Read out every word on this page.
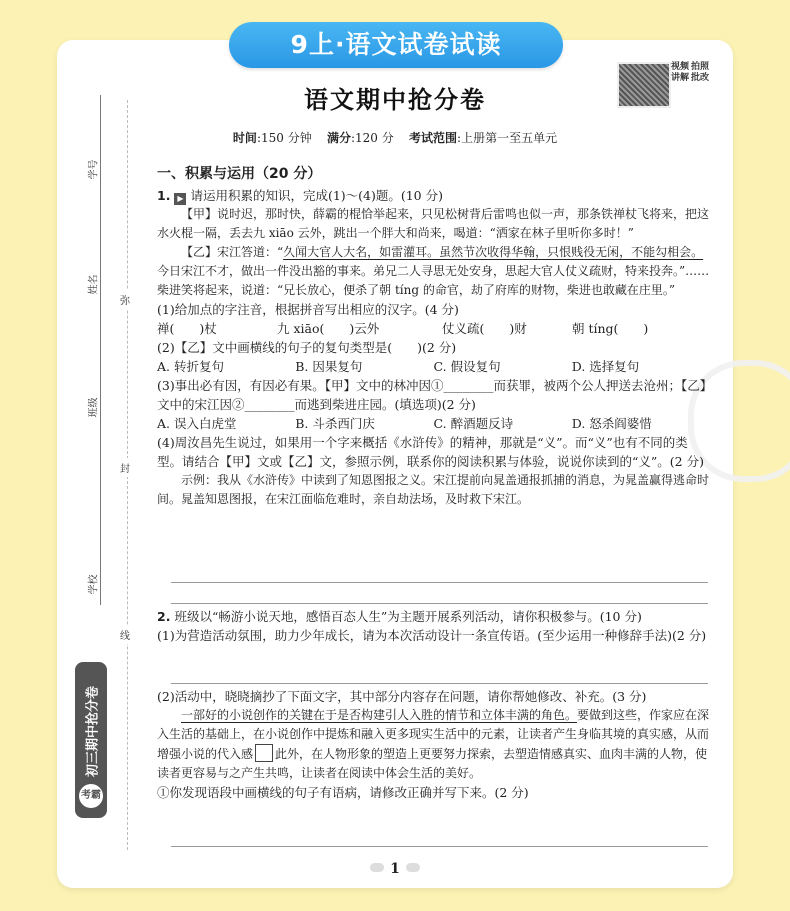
9上·语文试卷试读
语文期中抢分卷
视频讲解
拍照批改
时间:150 分钟 满分:120 分 考试范围:上册第一至五单元
学号
姓名
班级
学校
弥
封
线
初三期中抢分卷
考霸
一、积累与运用（20 分）

1. ▶ 请运用积累的知识，完成(1)～(4)题。(10 分)

【甲】说时迟，那时快，薛霸的棍恰举起来，只见松树背后雷鸣也似一声，那条铁禅杖飞将来，把这水火棍一隔，丢去九 xiāo 云外，跳出一个胖大和尚来，喝道：“洒家在林子里听你多时！”

【乙】宋江答道：“久闻大官人大名，如雷灌耳。虽然节次收得华翰，只恨贱役无闲，不能勾相会。今日宋江不才，做出一件没出豁的事来。弟兄二人寻思无处安身，思起大官人仗义疏财，特来投奔。”……柴进笑将起来，说道：“兄长放心，便杀了朝 tíng 的命官，劫了府库的财物，柴进也敢藏在庄里。”

(1)给加点的字注音，根据拼音写出相应的汉字。(4 分)

禅(　　)杖	九 xiāo(　　)云外	仗义疏(　　)财	朝 tíng(　　)

(2)【乙】文中画横线的句子的复句类型是(　　)(2 分)

A. 转折复句	B. 因果复句	C. 假设复句	D. 选择复句

(3)事出必有因，有因必有果。【甲】文中的林冲因①________而获罪，被两个公人押送去沧州；【乙】文中的宋江因②________而逃到柴进庄园。(填选项)(2 分)

A. 误入白虎堂	B. 斗杀西门庆	C. 醉酒题反诗	D. 怒杀阎婆惜

(4)周汝昌先生说过，如果用一个字来概括《水浒传》的精神，那就是“义”。而“义”也有不同的类型。请结合【甲】文或【乙】文，参照示例，联系你的阅读积累与体验，说说你读到的“义”。(2 分)

示例：我从《水浒传》中读到了知恩图报之义。宋江提前向晁盖通报抓捕的消息，为晁盖赢得逃命时间。晁盖知恩图报，在宋江面临危难时，亲自劫法场，及时救下宋江。

2. 班级以“畅游小说天地，感悟百态人生”为主题开展系列活动，请你积极参与。(10 分)

(1)为营造活动氛围，助力少年成长，请为本次活动设计一条宣传语。(至少运用一种修辞手法)(2 分)

(2)活动中，晓晓摘抄了下面文字，其中部分内容存在问题，请你帮她修改、补充。(3 分)

一部好的小说创作的关键在于是否构建引人入胜的情节和立体丰满的角色。要做到这些，作家应在深入生活的基础上，在小说创作中提炼和融入更多现实生活中的元素，让读者产生身临其境的真实感，从而增强小说的代入感 此外，在人物形象的塑造上更要努力探索，去塑造情感真实、血肉丰满的人物，使读者更容易与之产生共鸣，让读者在阅读中体会生活的美好。

①你发现语段中画横线的句子有语病，请修改正确并写下来。(2 分)

1
